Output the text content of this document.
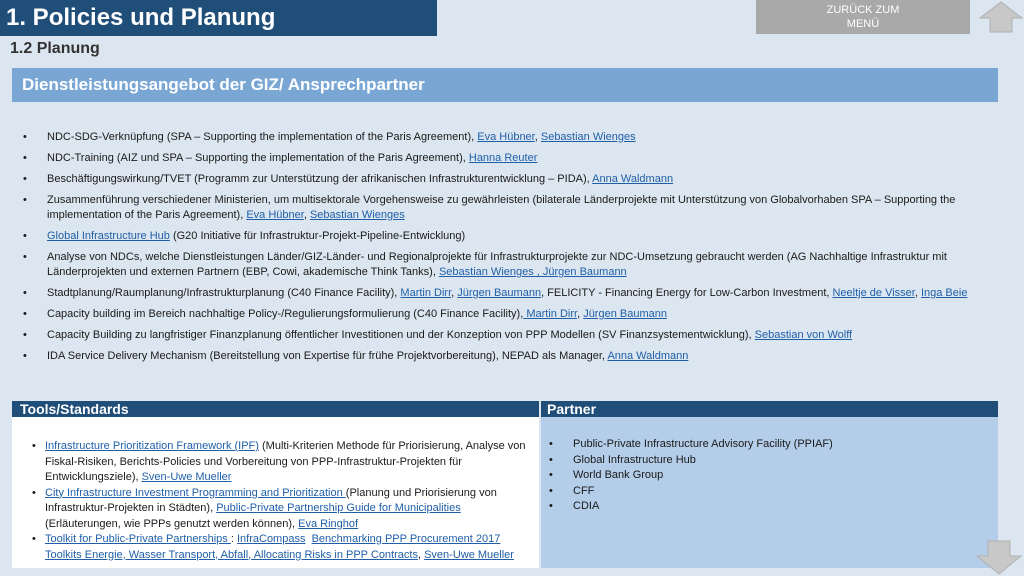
1. Policies und Planung	ZURÜCK ZUM
MENÜ
1.2 Planung
Dienstleistungsangebot der GIZ/ Ansprechpartner
• NDC-SDG-Verknüpfung (SPA – Supporting the implementation of the Paris Agreement), Eva Hübner, Sebastian Wienges
• NDC-Training (AIZ und SPA – Supporting the implementation of the Paris Agreement), Hanna Reuter
• Beschäftigungswirkung/TVET (Programm zur Unterstützung der afrikanischen Infrastrukturentwicklung – PIDA), Anna Waldmann
• Zusammenführung verschiedener Ministerien, um multisektorale Vorgehensweise zu gewährleisten (bilaterale Länderprojekte mit Unterstützung von Globalvorhaben SPA – Supporting the implementation of the Paris Agreement), Eva Hübner, Sebastian Wienges
• Global Infrastructure Hub (G20 Initiative für Infrastruktur-Projekt-Pipeline-Entwicklung)
• Analyse von NDCs, welche Dienstleistungen Länder/GIZ-Länder- und Regionalprojekte für Infrastrukturprojekte zur NDC-Umsetzung gebraucht werden (AG Nachhaltige Infrastruktur mit Länderprojekten und externen Partnern (EBP, Cowi, akademische Think Tanks), Sebastian Wienges , Jürgen Baumann
• Stadtplanung/Raumplanung/Infrastrukturplanung (C40 Finance Facility), Martin Dirr, Jürgen Baumann, FELICITY - Financing Energy for Low-Carbon Investment, Neeltje de Visser, Inga Beie
• Capacity building im Bereich nachhaltige Policy-/Regulierungsformulierung (C40 Finance Facility), Martin Dirr, Jürgen Baumann
• Capacity Building zu langfristiger Finanzplanung öffentlicher Investitionen und der Konzeption von PPP Modellen (SV Finanzsystementwicklung), Sebastian von Wolff
• IDA Service Delivery Mechanism (Bereitstellung von Expertise für frühe Projektvorbereitung), NEPAD als Manager, Anna Waldmann
Tools/Standards	Partner
• Infrastructure Prioritization Framework (IPF) (Multi-Kriterien Methode für Priorisierung, Analyse von Fiskal-Risiken, Berichts-Policies und Vorbereitung von PPP-Infrastruktur-Projekten für Entwicklungsziele), Sven-Uwe Mueller
• City Infrastructure Investment Programming and Prioritization (Planung und Priorisierung von Infrastruktur-Projekten in Städten), Public-Private Partnership Guide for Municipalities (Erläuterungen, wie PPPs genutzt werden können), Eva Ringhof
• Toolkit for Public-Private Partnerships : InfraCompass Benchmarking PPP Procurement 2017 Toolkits Energie, Wasser Transport, Abfall, Allocating Risks in PPP Contracts, Sven-Uwe Mueller
• Public-Private Infrastructure Advisory Facility (PPIAF)
• Global Infrastructure Hub
• World Bank Group
• CFF
• CDIA
